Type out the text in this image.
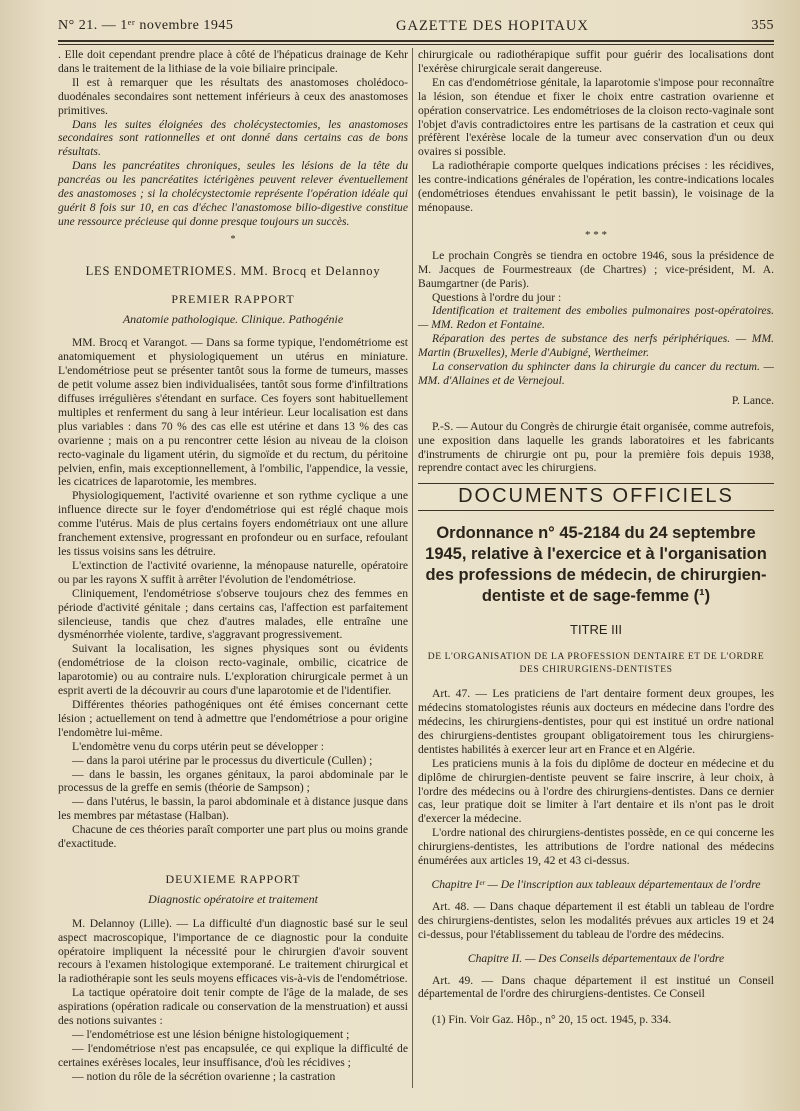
N° 21. — 1ᵉʳ novembre 1945	GAZETTE DES HOPITAUX	355

. Elle doit cependant prendre place à côté de l'hépaticus drainage de Kehr dans le traitement de la lithiase de la voie biliaire principale.

Il est à remarquer que les résultats des anastomoses cholédoco-duodénales secondaires sont nettement inférieurs à ceux des anastomoses primitives.

Dans les suites éloignées des cholécystectomies, les anastomoses secondaires sont rationnelles et ont donné dans certains cas de bons résultats.

Dans les pancréatites chroniques, seules les lésions de la tête du pancréas ou les pancréatites ictérigènes peuvent relever éventuellement des anastomoses ; si la cholécystectomie représente l'opération idéale qui guérit 8 fois sur 10, en cas d'échec l'anastomose bilio-digestive constitue une ressource précieuse qui donne presque toujours un succès.

*

LES ENDOMETRIOMES. MM. Brocq et Delannoy

PREMIER RAPPORT

Anatomie pathologique. Clinique. Pathogénie

MM. Brocq et Varangot. — Dans sa forme typique, l'endométriome est anatomiquement et physiologiquement un utérus en miniature. L'endométriose peut se présenter tantôt sous la forme de tumeurs, masses de petit volume assez bien individualisées, tantôt sous forme d'infiltrations diffuses irrégulières s'étendant en surface. Ces foyers sont habituellement multiples et renferment du sang à leur intérieur. Leur localisation est dans plus variables : dans 70 % des cas elle est utérine et dans 13 % des cas ovarienne ; mais on a pu rencontrer cette lésion au niveau de la cloison recto-vaginale du ligament utérin, du sigmoïde et du rectum, du péritoine pelvien, enfin, mais exceptionnellement, à l'ombilic, l'appendice, la vessie, les cicatrices de laparotomie, les membres.

Physiologiquement, l'activité ovarienne et son rythme cyclique a une influence directe sur le foyer d'endométriose qui est réglé chaque mois comme l'utérus. Mais de plus certains foyers endométriaux ont une allure franchement extensive, progressant en profondeur ou en surface, refoulant les tissus voisins sans les détruire.

L'extinction de l'activité ovarienne, la ménopause naturelle, opératoire ou par les rayons X suffit à arrêter l'évolution de l'endométriose.

Cliniquement, l'endométriose s'observe toujours chez des femmes en période d'activité génitale ; dans certains cas, l'affection est parfaitement silencieuse, tandis que chez d'autres malades, elle entraîne une dysménorrhée violente, tardive, s'aggravant progressivement.

Suivant la localisation, les signes physiques sont ou évidents (endométriose de la cloison recto-vaginale, ombilic, cicatrice de laparotomie) ou au contraire nuls. L'exploration chirurgicale permet à un esprit averti de la découvrir au cours d'une laparotomie et de l'identifier.

Différentes théories pathogéniques ont été émises concernant cette lésion ; actuellement on tend à admettre que l'endométriose a pour origine l'endomètre lui-même.

L'endomètre venu du corps utérin peut se développer :

— dans la paroi utérine par le processus du diverticule (Cullen) ;

— dans le bassin, les organes génitaux, la paroi abdominale par le processus de la greffe en semis (théorie de Sampson) ;

— dans l'utérus, le bassin, la paroi abdominale et à distance jusque dans les membres par métastase (Halban).

Chacune de ces théories paraît comporter une part plus ou moins grande d'exactitude.

DEUXIEME RAPPORT

Diagnostic opératoire et traitement

M. Delannoy (Lille). — La difficulté d'un diagnostic basé sur le seul aspect macroscopique, l'importance de ce diagnostic pour la conduite opératoire impliquent la nécessité pour le chirurgien d'avoir souvent recours à l'examen histologique extemporané. Le traitement chirurgical et la radiothérapie sont les seuls moyens efficaces vis-à-vis de l'endométriose.

La tactique opératoire doit tenir compte de l'âge de la malade, de ses aspirations (opération radicale ou conservation de la menstruation) et aussi des notions suivantes :

— l'endométriose est une lésion bénigne histologiquement ;

— l'endométriose n'est pas encapsulée, ce qui explique la difficulté de certaines exérèses locales, leur insuffisance, d'où les récidives ;

— notion du rôle de la sécrétion ovarienne ; la castration

chirurgicale ou radiothérapique suffit pour guérir des localisations dont l'exérèse chirurgicale serait dangereuse.

En cas d'endométriose génitale, la laparotomie s'impose pour reconnaître la lésion, son étendue et fixer le choix entre castration ovarienne et opération conservatrice. Les endométrioses de la cloison recto-vaginale sont l'objet d'avis contradictoires entre les partisans de la castration et ceux qui préfèrent l'exérèse locale de la tumeur avec conservation d'un ou deux ovaires si possible.

La radiothérapie comporte quelques indications précises : les récidives, les contre-indications générales de l'opération, les contre-indications locales (endométrioses étendues envahissant le petit bassin), le voisinage de la ménopause.

* * *

Le prochain Congrès se tiendra en octobre 1946, sous la présidence de M. Jacques de Fourmestreaux (de Chartres) ; vice-président, M. A. Baumgartner (de Paris).

Questions à l'ordre du jour :

Identification et traitement des embolies pulmonaires post-opératoires. — MM. Redon et Fontaine.

Réparation des pertes de substance des nerfs périphériques. — MM. Martin (Bruxelles), Merle d'Aubigné, Wertheimer.

La conservation du sphincter dans la chirurgie du cancer du rectum. — MM. d'Allaines et de Vernejoul.

P. Lance.

P.-S. — Autour du Congrès de chirurgie était organisée, comme autrefois, une exposition dans laquelle les grands laboratoires et les fabricants d'instruments de chirurgie ont pu, pour la première fois depuis 1938, reprendre contact avec les chirurgiens.

DOCUMENTS OFFICIELS

Ordonnance n° 45-2184 du 24 septembre 1945, relative à l'exercice et à l'organisation des professions de médecin, de chirurgien-dentiste et de sage-femme (¹)

TITRE III

DE L'ORGANISATION DE LA PROFESSION DENTAIRE ET DE L'ORDRE DES CHIRURGIENS-DENTISTES

Art. 47. — Les praticiens de l'art dentaire forment deux groupes, les médecins stomatologistes réunis aux docteurs en médecine dans l'ordre des médecins, les chirurgiens-dentistes, pour qui est institué un ordre national des chirurgiens-dentistes groupant obligatoirement tous les chirurgiens-dentistes habilités à exercer leur art en France et en Algérie.

Les praticiens munis à la fois du diplôme de docteur en médecine et du diplôme de chirurgien-dentiste peuvent se faire inscrire, à leur choix, à l'ordre des médecins ou à l'ordre des chirurgiens-dentistes. Dans ce dernier cas, leur pratique doit se limiter à l'art dentaire et ils n'ont pas le droit d'exercer la médecine.

L'ordre national des chirurgiens-dentistes possède, en ce qui concerne les chirurgiens-dentistes, les attributions de l'ordre national des médecins énumérées aux articles 19, 42 et 43 ci-dessus.

Chapitre Iᵉʳ — De l'inscription aux tableaux départementaux de l'ordre

Art. 48. — Dans chaque département il est établi un tableau de l'ordre des chirurgiens-dentistes, selon les modalités prévues aux articles 19 et 24 ci-dessus, pour l'établissement du tableau de l'ordre des médecins.

Chapitre II. — Des Conseils départementaux de l'ordre

Art. 49. — Dans chaque département il est institué un Conseil départemental de l'ordre des chirurgiens-dentistes. Ce Conseil

(1) Fin. Voir Gaz. Hôp., n° 20, 15 oct. 1945, p. 334.
